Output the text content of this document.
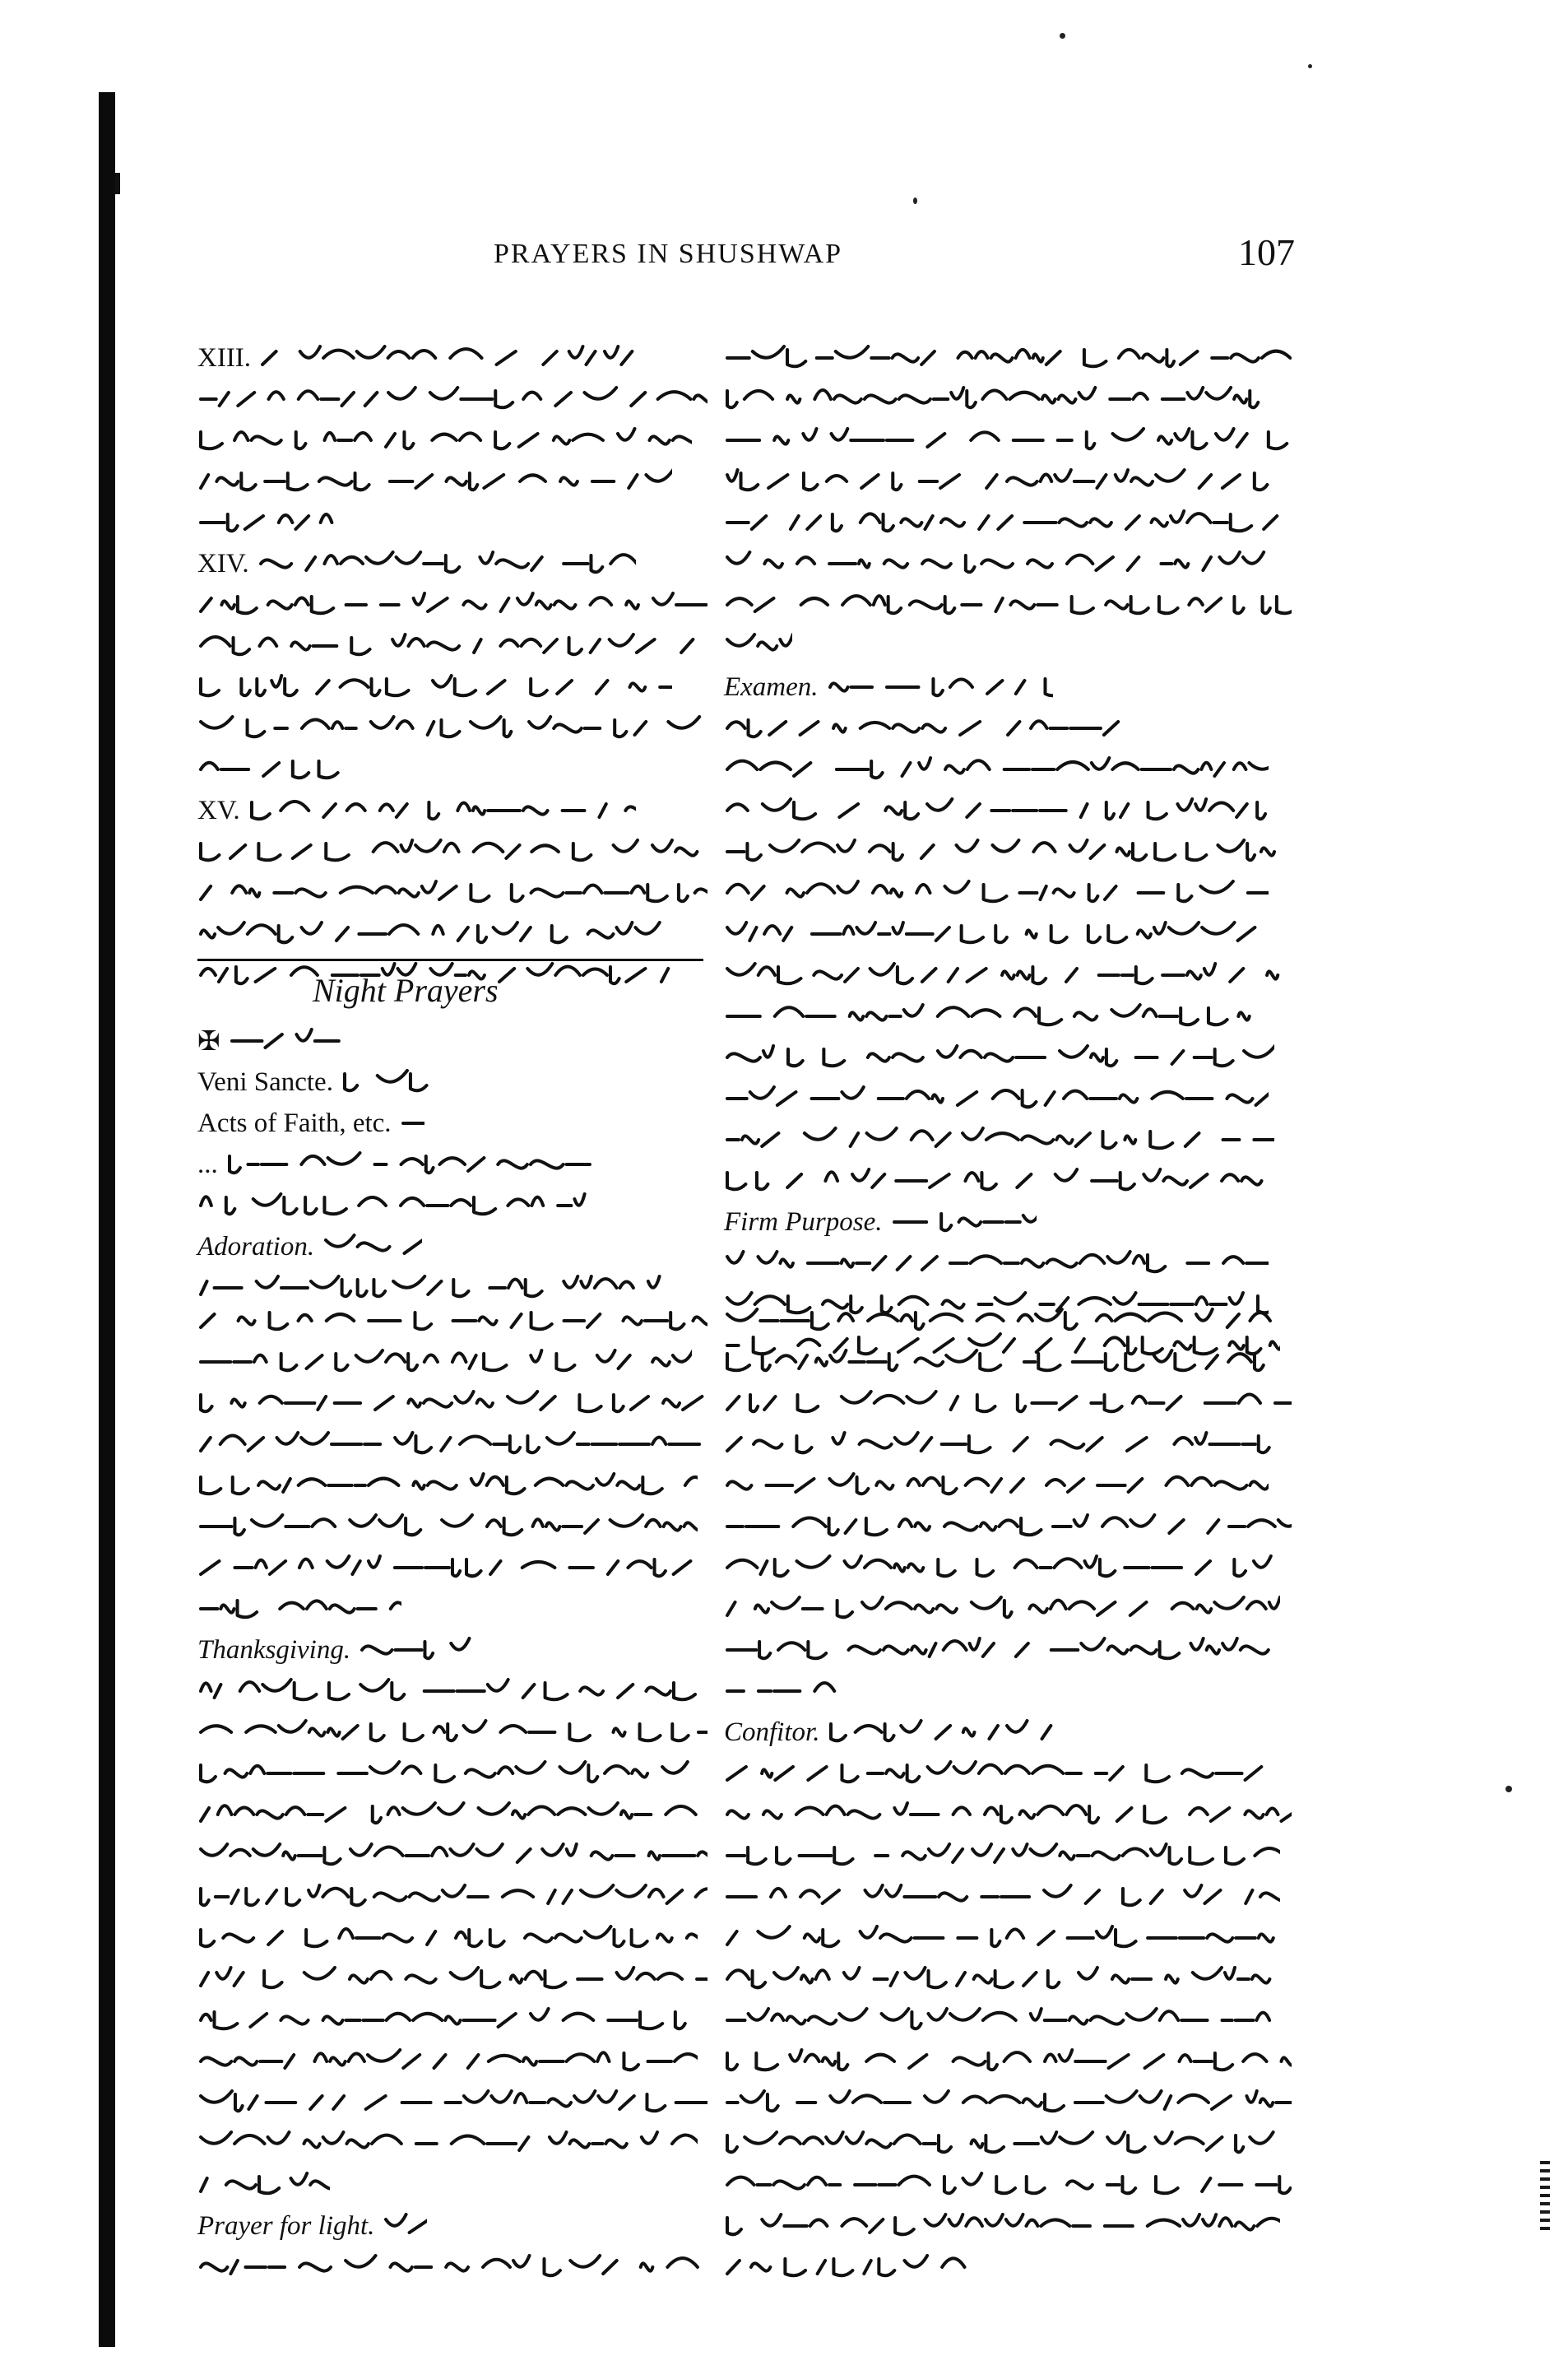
PRAYERS IN SHUSHWAP	107
XIII.
XIV.
XV.
Night Prayers
✠
Veni Sancte.
Acts of Faith, etc.
...
Adoration.
Examen.
Firm Purpose.
Thanksgiving.
Prayer for light.
Confitor.
